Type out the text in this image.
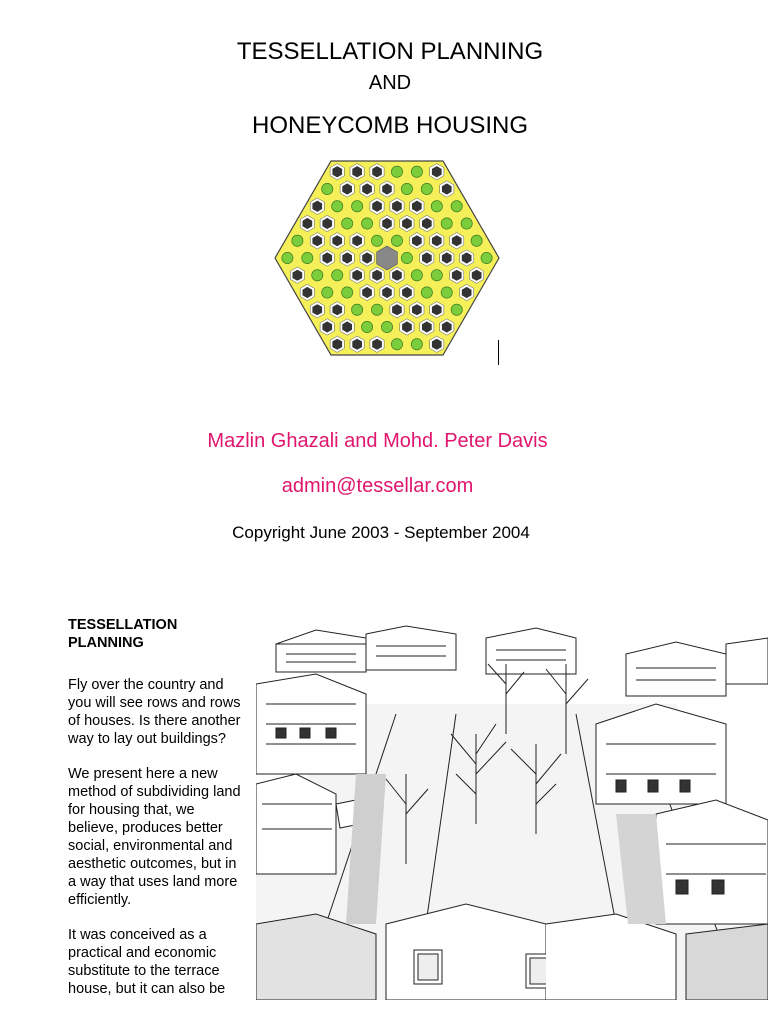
TESSELLATION PLANNING
AND
HONEYCOMB HOUSING
Mazlin Ghazali and Mohd. Peter Davis
admin@tessellar.com
Copyright June 2003 - September 2004
TESSELLATION PLANNING

Fly over the country and you will see rows and rows of houses. Is there another way to lay out buildings?

We present here a new method of subdividing land for housing that, we believe, produces better social, environmental and aesthetic outcomes, but in a way that uses land more efficiently.

It was conceived as a practical and economic substitute to the terrace house, but it can also be
